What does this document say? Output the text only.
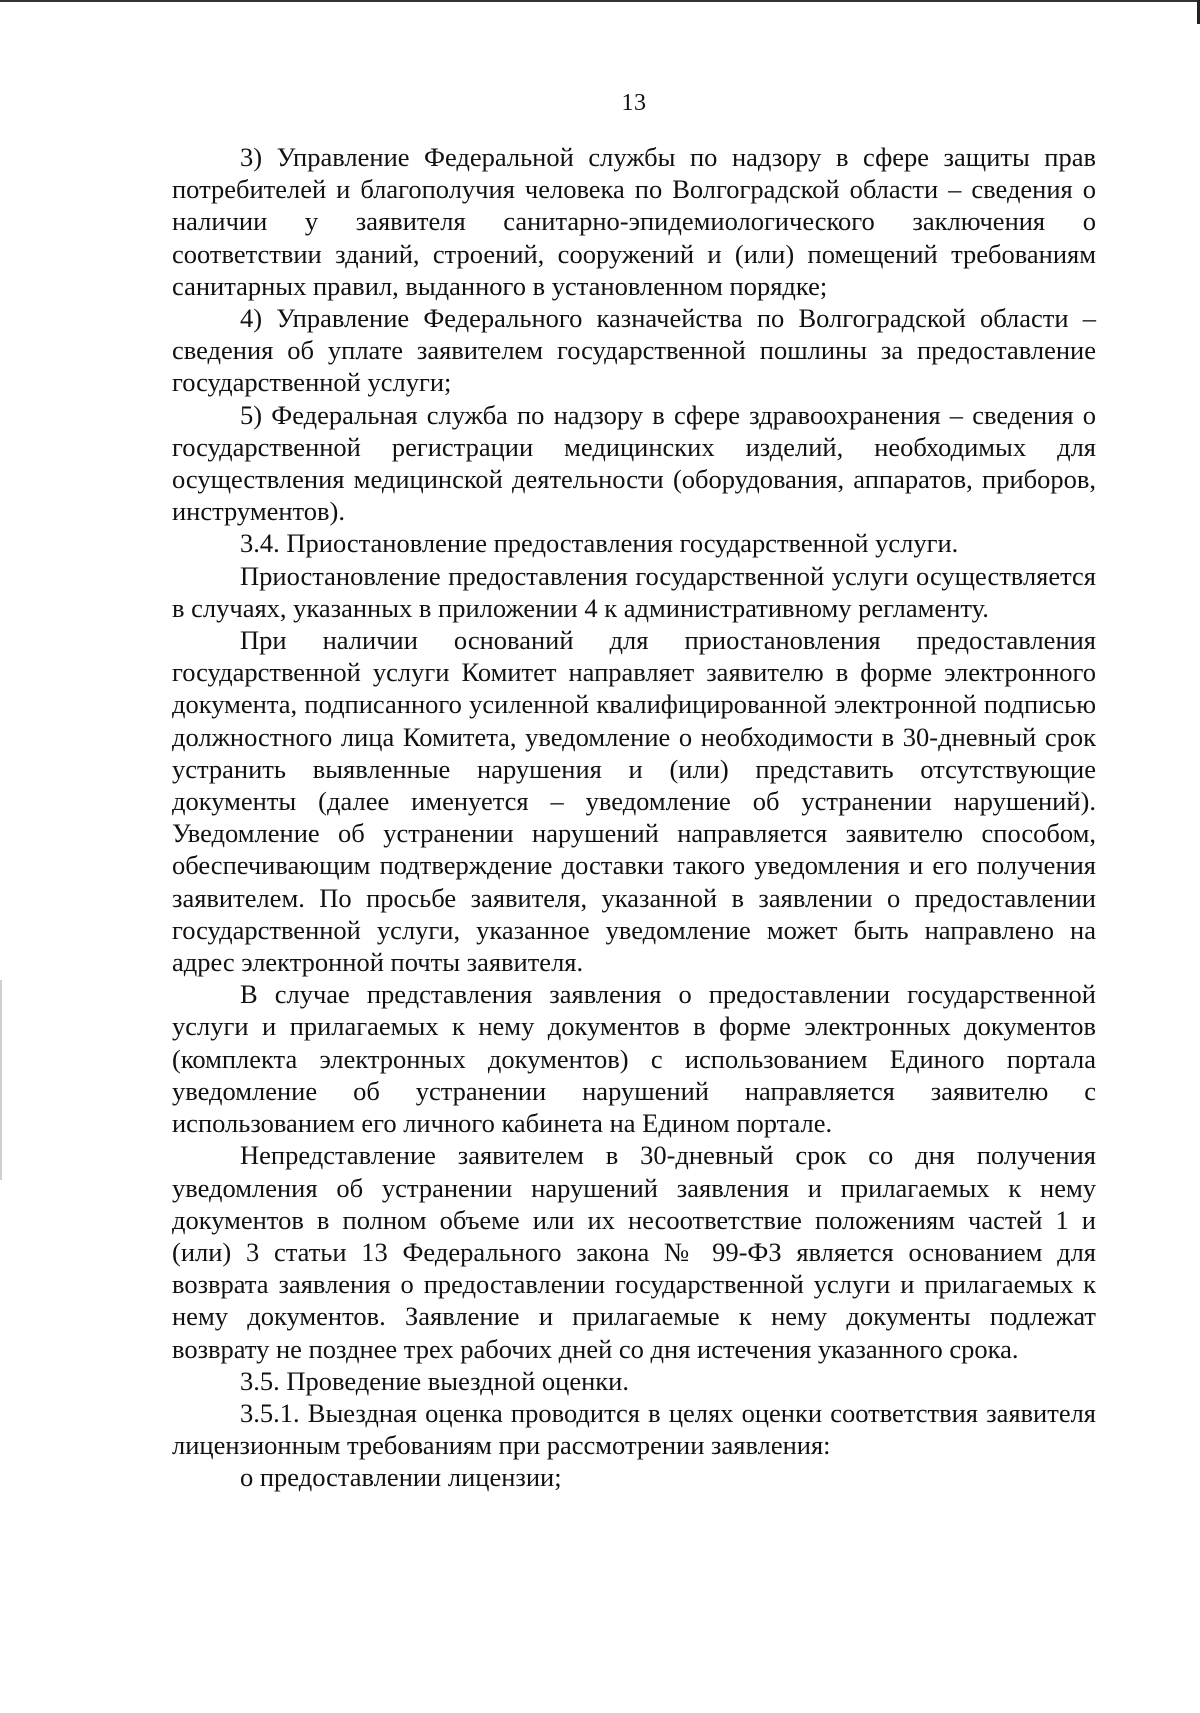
13

3) Управление Федеральной службы по надзору в сфере защиты прав потребителей и благополучия человека по Волгоградской области – сведения о наличии у заявителя санитарно-эпидемиологического заключения о соответствии зданий, строений, сооружений и (или) помещений требованиям санитарных правил, выданного в установленном порядке;

4) Управление Федерального казначейства по Волгоградской области – сведения об уплате заявителем государственной пошлины за предоставление государственной услуги;

5) Федеральная служба по надзору в сфере здравоохранения – сведения о государственной регистрации медицинских изделий, необходимых для осуществления медицинской деятельности (оборудования, аппаратов, приборов, инструментов).

3.4. Приостановление предоставления государственной услуги.

Приостановление предоставления государственной услуги осуществляется в случаях, указанных в приложении 4 к административному регламенту.

При наличии оснований для приостановления предоставления государственной услуги Комитет направляет заявителю в форме электронного документа, подписанного усиленной квалифицированной электронной подписью должностного лица Комитета, уведомление о необходимости в 30-дневный срок устранить выявленные нарушения и (или) представить отсутствующие документы (далее именуется – уведомление об устранении нарушений). Уведомление об устранении нарушений направляется заявителю способом, обеспечивающим подтверждение доставки такого уведомления и его получения заявителем. По просьбе заявителя, указанной в заявлении о предоставлении государственной услуги, указанное уведомление может быть направлено на адрес электронной почты заявителя.

В случае представления заявления о предоставлении государственной услуги и прилагаемых к нему документов в форме электронных документов (комплекта электронных документов) с использованием Единого портала уведомление об устранении нарушений направляется заявителю с использованием его личного кабинета на Едином портале.

Непредставление заявителем в 30-дневный срок со дня получения уведомления об устранении нарушений заявления и прилагаемых к нему документов в полном объеме или их несоответствие положениям частей 1 и (или) 3 статьи 13 Федерального закона № 99-ФЗ является основанием для возврата заявления о предоставлении государственной услуги и прилагаемых к нему документов. Заявление и прилагаемые к нему документы подлежат возврату не позднее трех рабочих дней со дня истечения указанного срока.

3.5. Проведение выездной оценки.

3.5.1. Выездная оценка проводится в целях оценки соответствия заявителя лицензионным требованиям при рассмотрении заявления:

о предоставлении лицензии;
